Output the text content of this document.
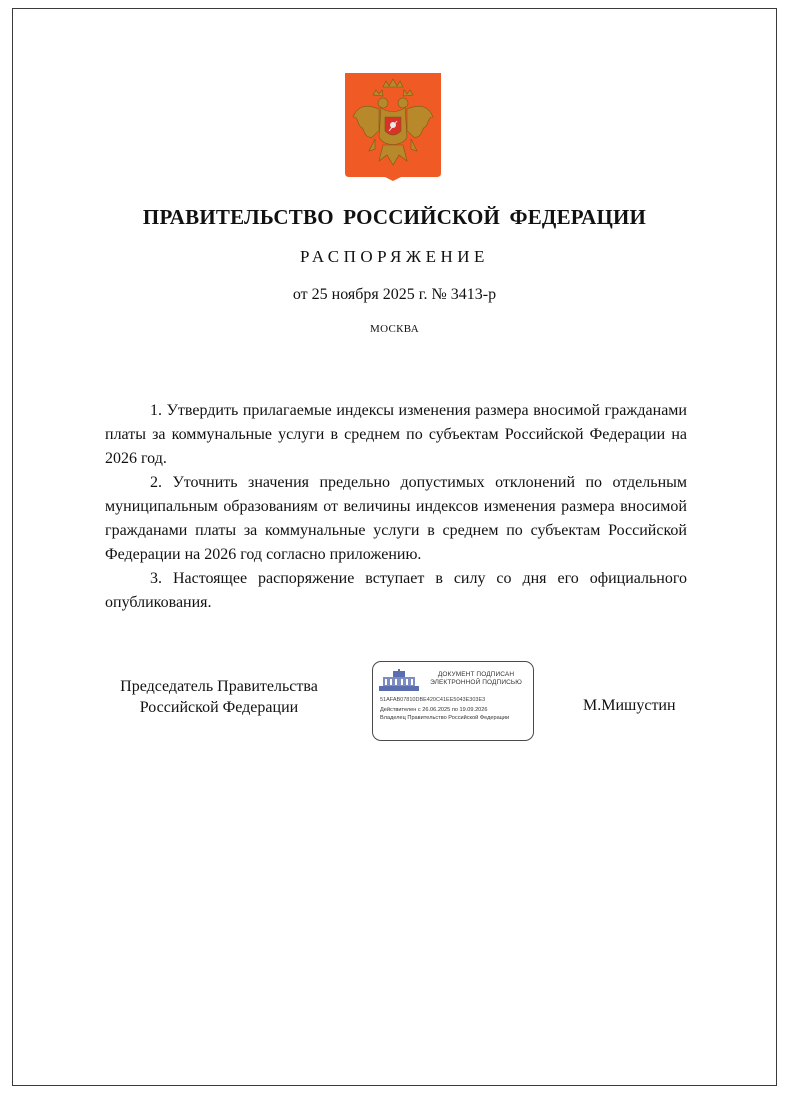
ПРАВИТЕЛЬСТВО РОССИЙСКОЙ ФЕДЕРАЦИИ
РАСПОРЯЖЕНИЕ
от 25 ноября 2025 г. № 3413-р
МОСКВА

1. Утвердить прилагаемые индексы изменения размера вносимой гражданами платы за коммунальные услуги в среднем по субъектам Российской Федерации на 2026 год.

2. Уточнить значения предельно допустимых отклонений по отдельным муниципальным образованиям от величины индексов изменения размера вносимой гражданами платы за коммунальные услуги в среднем по субъектам Российской Федерации на 2026 год согласно приложению.

3. Настоящее распоряжение вступает в силу со дня его официального опубликования.

Председатель Правительства
Российской Федерации
ДОКУМЕНТ ПОДПИСАН
ЭЛЕКТРОННОЙ ПОДПИСЬЮ
51AFAB07810DBE420C41EE5043E303E3
Действителен с 26.06.2025 по 19.09.2026
Владелец Правительство Российской Федерации
М.Мишустин
